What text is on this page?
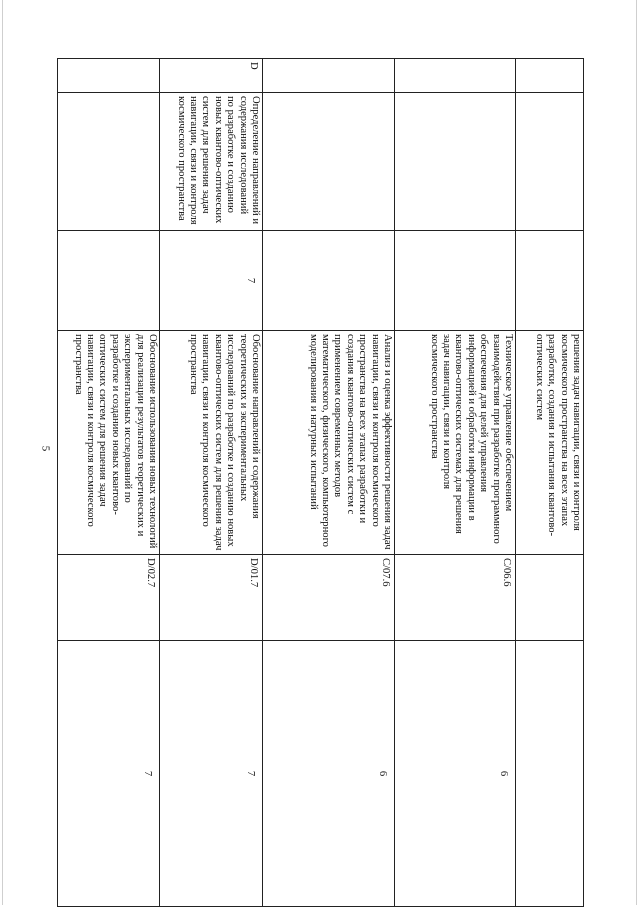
5
				решения задач навигации, связи и контроля космического пространства на всех этапах разработки, создания и испытания квантово-оптических систем		
			Техническое управление обеспечением взаимодействия при разработке программного обеспечения для целей управления информацией и обработки информации в квантово-оптических системах для решения задач навигации, связи и контроля космического пространства	C/06.6	6
			Анализ и оценка эффективности решения задач навигации, связи и контроля космического пространства на всех этапах разработки и создания квантово-оптических систем с применением современных методов математического, физического, компьютерного моделирования и натурных испытаний	C/07.6	6
D	Определение направлений и содержания исследований по разработке и созданию новых квантово-оптических систем для решения задач навигации, связи и контроля космического пространства	7	Обоснование направлений и содержания теоретических и экспериментальных исследований по разработке и созданию новых квантово-оптических систем для решения задач навигации, связи и контроля космического пространства	D/01.7	7
			Обоснование использования новых технологий для реализации результатов теоретических и экспериментальных исследований по разработке и созданию новых квантово-оптических систем для решения задач навигации, связи и контроля космического пространства	D/02.7	7
